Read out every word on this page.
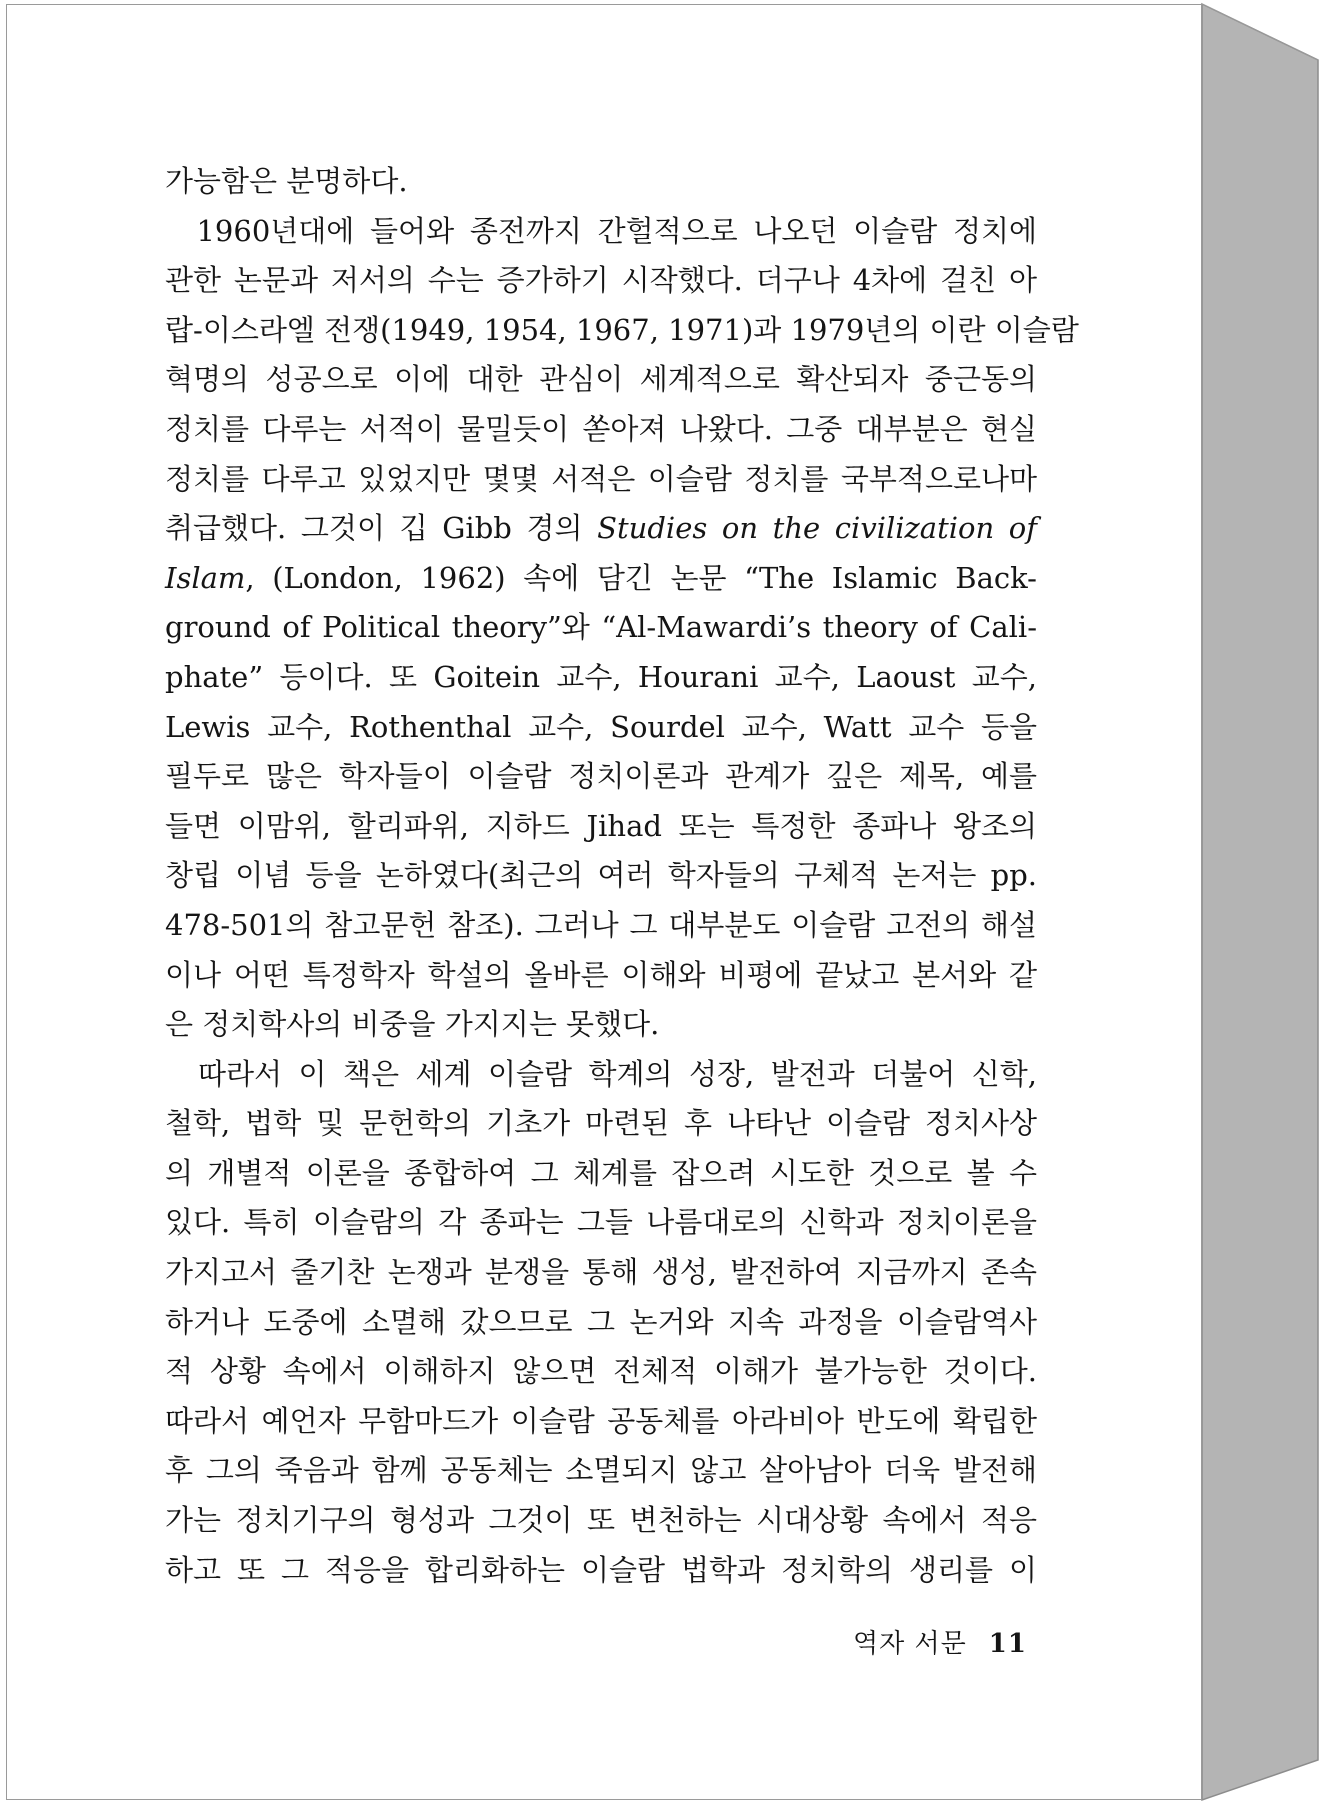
가능함은 분명하다.
1960년대에 들어와 종전까지 간헐적으로 나오던 이슬람 정치에
관한 논문과 저서의 수는 증가하기 시작했다. 더구나 4차에 걸친 아
랍-이스라엘 전쟁(1949, 1954, 1967, 1971)과 1979년의 이란 이슬람
혁명의 성공으로 이에 대한 관심이 세계적으로 확산되자 중근동의
정치를 다루는 서적이 물밀듯이 쏟아져 나왔다. 그중 대부분은 현실
정치를 다루고 있었지만 몇몇 서적은 이슬람 정치를 국부적으로나마
취급했다. 그것이 깁 Gibb 경의 Studies on the civilization of
Islam, (London, 1962) 속에 담긴 논문 “The Islamic Back-
ground of Political theory”와 “Al-Mawardi’s theory of Cali-
phate” 등이다. 또 Goitein 교수, Hourani 교수, Laoust 교수,
Lewis 교수, Rothenthal 교수, Sourdel 교수, Watt 교수 등을
필두로 많은 학자들이 이슬람 정치이론과 관계가 깊은 제목, 예를
들면 이맘위, 할리파위, 지하드 Jihad 또는 특정한 종파나 왕조의
창립 이념 등을 논하였다(최근의 여러 학자들의 구체적 논저는 pp.
478-501의 참고문헌 참조). 그러나 그 대부분도 이슬람 고전의 해설
이나 어떤 특정학자 학설의 올바른 이해와 비평에 끝났고 본서와 같
은 정치학사의 비중을 가지지는 못했다.
따라서 이 책은 세계 이슬람 학계의 성장, 발전과 더불어 신학,
철학, 법학 및 문헌학의 기초가 마련된 후 나타난 이슬람 정치사상
의 개별적 이론을 종합하여 그 체계를 잡으려 시도한 것으로 볼 수
있다. 특히 이슬람의 각 종파는 그들 나름대로의 신학과 정치이론을
가지고서 줄기찬 논쟁과 분쟁을 통해 생성, 발전하여 지금까지 존속
하거나 도중에 소멸해 갔으므로 그 논거와 지속 과정을 이슬람역사
적 상황 속에서 이해하지 않으면 전체적 이해가 불가능한 것이다.
따라서 예언자 무함마드가 이슬람 공동체를 아라비아 반도에 확립한
후 그의 죽음과 함께 공동체는 소멸되지 않고 살아남아 더욱 발전해
가는 정치기구의 형성과 그것이 또 변천하는 시대상황 속에서 적응
하고 또 그 적응을 합리화하는 이슬람 법학과 정치학의 생리를 이
역자 서문 11
